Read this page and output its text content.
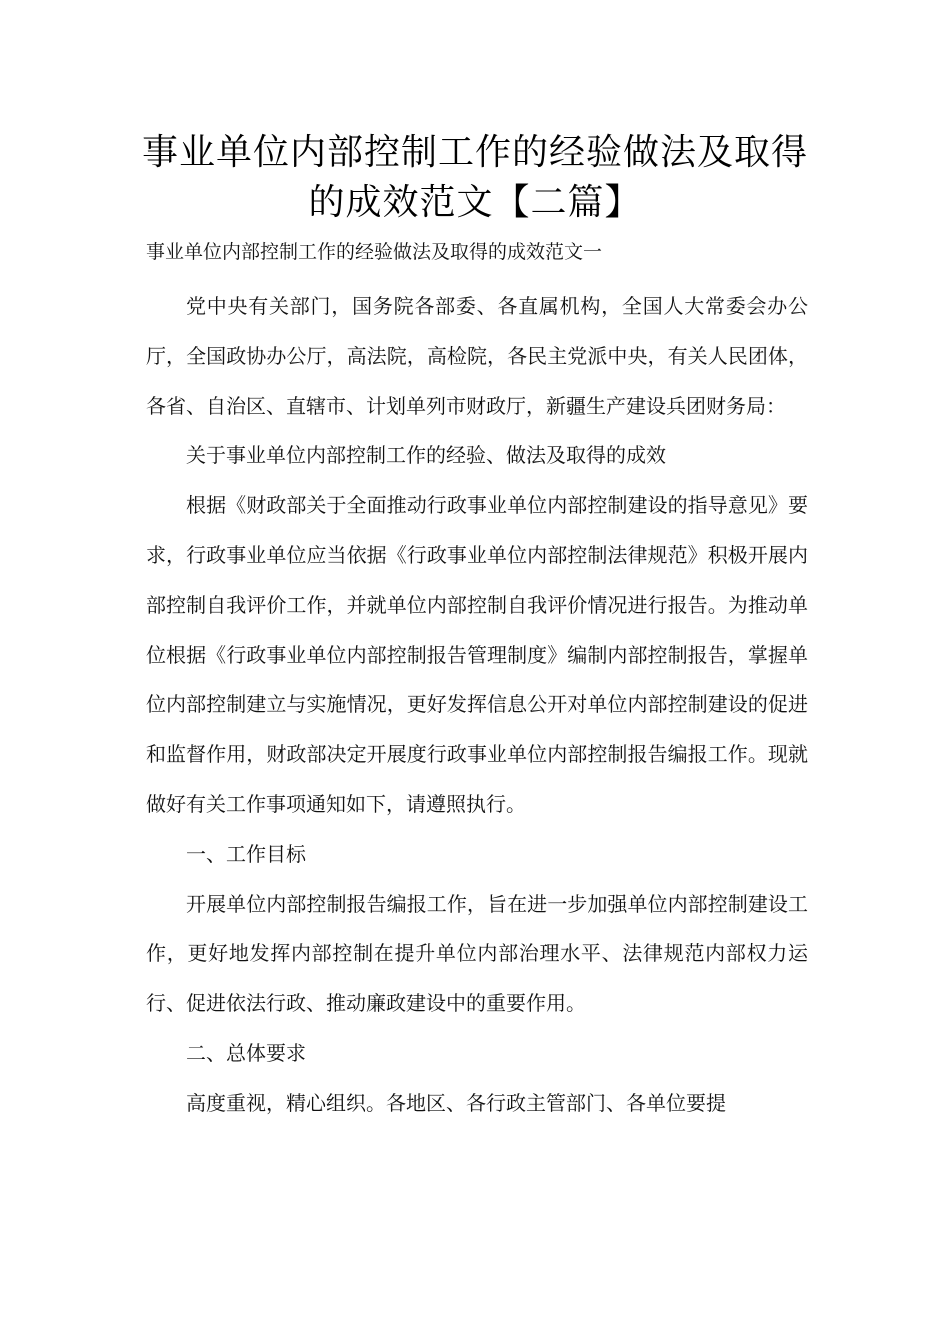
事业单位内部控制工作的经验做法及取得的成效范文【二篇】

事业单位内部控制工作的经验做法及取得的成效范文一

党中央有关部门，国务院各部委、各直属机构，全国人大常委会办公厅，全国政协办公厅，高法院，高检院，各民主党派中央，有关人民团体，各省、自治区、直辖市、计划单列市财政厅，新疆生产建设兵团财务局：

关于事业单位内部控制工作的经验、做法及取得的成效

根据《财政部关于全面推动行政事业单位内部控制建设的指导意见》要求，行政事业单位应当依据《行政事业单位内部控制法律规范》积极开展内部控制自我评价工作，并就单位内部控制自我评价情况进行报告。为推动单位根据《行政事业单位内部控制报告管理制度》编制内部控制报告，掌握单位内部控制建立与实施情况，更好发挥信息公开对单位内部控制建设的促进和监督作用，财政部决定开展度行政事业单位内部控制报告编报工作。现就做好有关工作事项通知如下，请遵照执行。

一、工作目标

开展单位内部控制报告编报工作，旨在进一步加强单位内部控制建设工作，更好地发挥内部控制在提升单位内部治理水平、法律规范内部权力运行、促进依法行政、推动廉政建设中的重要作用。

二、总体要求

高度重视，精心组织。各地区、各行政主管部门、各单位要提
